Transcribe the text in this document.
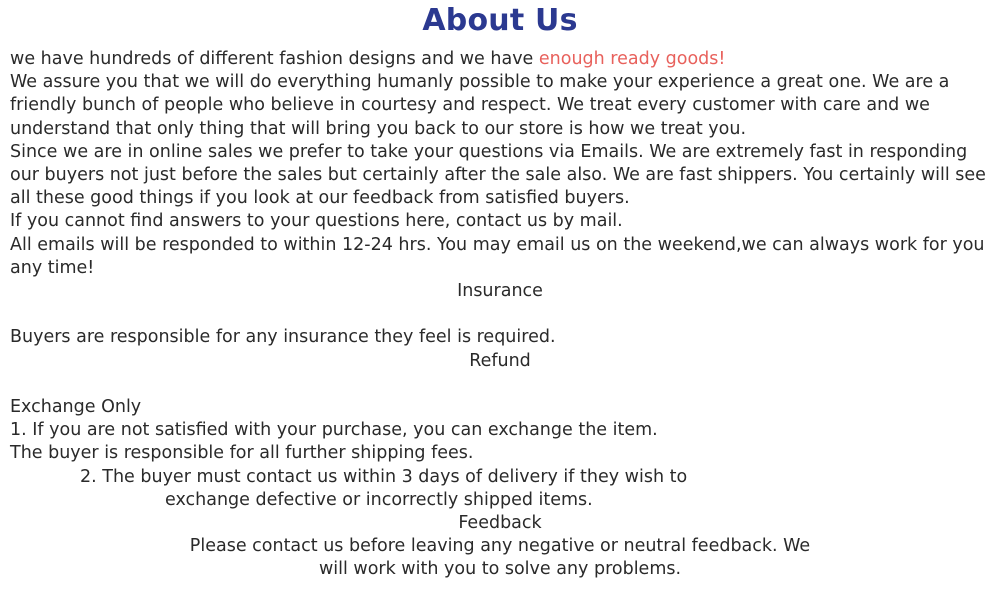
About Us

we have hundreds of different fashion designs and we have enough ready goods!

We assure you that we will do everything humanly possible to make your experience a great one. We are a friendly bunch of people who believe in courtesy and respect. We treat every customer with care and we understand that only thing that will bring you back to our store is how we treat you.

Since we are in online sales we prefer to take your questions via Emails. We are extremely fast in responding our buyers not just before the sales but certainly after the sale also. We are fast shippers. You certainly will see all these good things if you look at our feedback from satisfied buyers.

If you cannot find answers to your questions here, contact us by mail.

All emails will be responded to within 12-24 hrs. You may email us on the weekend,we can always work for you any time!

Insurance

Buyers are responsible for any insurance they feel is required.

Refund

Exchange Only

1. If you are not satisfied with your purchase, you can exchange the item.

The buyer is responsible for all further shipping fees.

2. The buyer must contact us within 3 days of delivery if they wish to

exchange defective or incorrectly shipped items.

Feedback

Please contact us before leaving any negative or neutral feedback. We

will work with you to solve any problems.
